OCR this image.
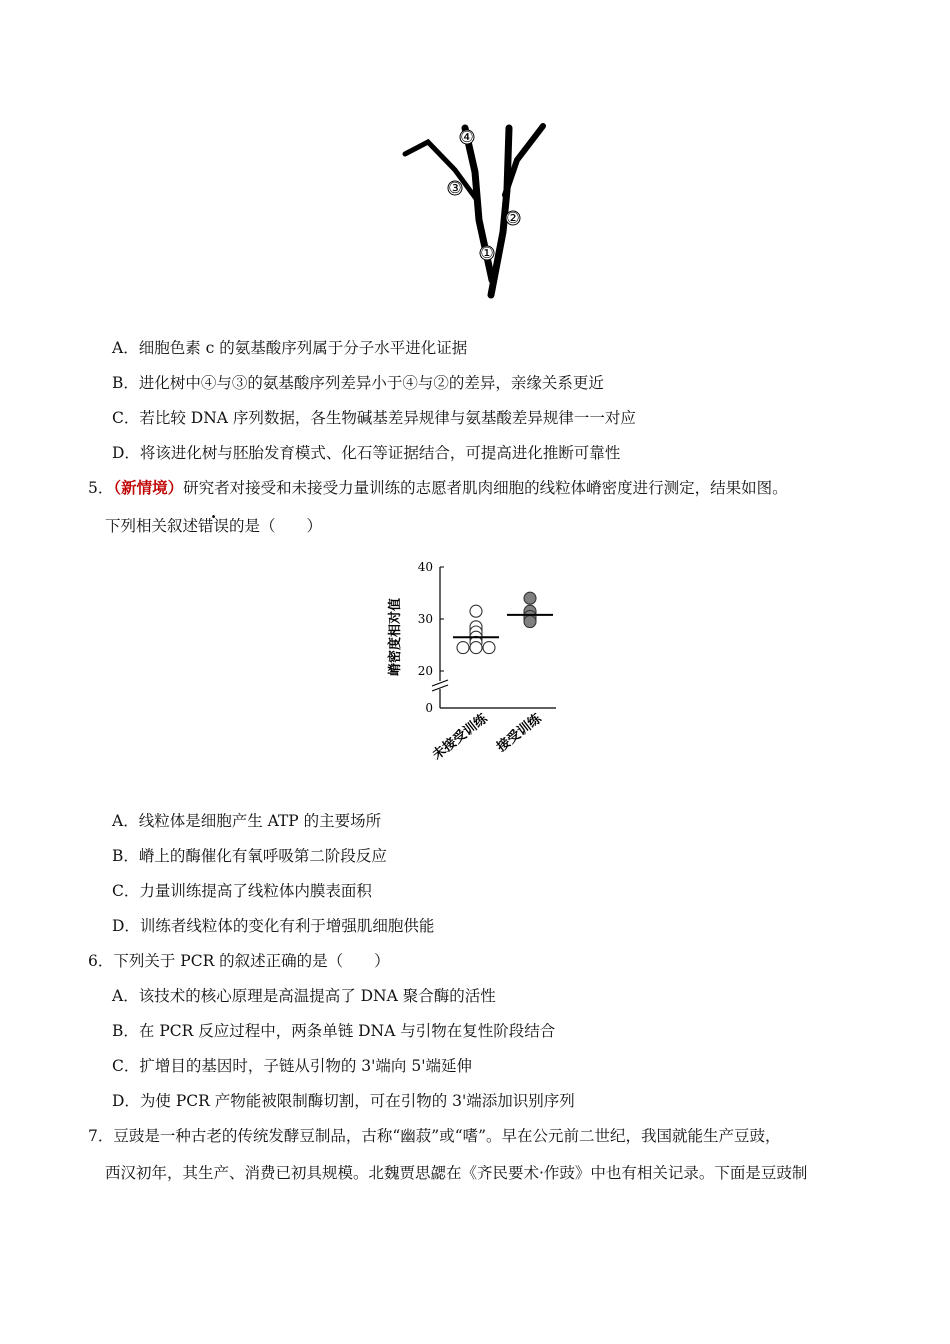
④
③
②
①
A．细胞色素 c 的氨基酸序列属于分子水平进化证据
B．进化树中④与③的氨基酸序列差异小于④与②的差异，亲缘关系更近
C．若比较 DNA 序列数据，各生物碱基差异规律与氨基酸差异规律一一对应
D．将该进化树与胚胎发育模式、化石等证据结合，可提高进化推断可靠性
5．（新情境）研究者对接受和未接受力量训练的志愿者肌肉细胞的线粒体嵴密度进行测定，结果如图。
下列相关叙述错误的是（　　）
嵴密度相对值
0
20
30
40
未接受训练 接受训练
A．线粒体是细胞产生 ATP 的主要场所
B．嵴上的酶催化有氧呼吸第二阶段反应
C．力量训练提高了线粒体内膜表面积
D．训练者线粒体的变化有利于增强肌细胞供能
6．下列关于 PCR 的叙述正确的是（　　）
A．该技术的核心原理是高温提高了 DNA 聚合酶的活性
B．在 PCR 反应过程中，两条单链 DNA 与引物在复性阶段结合
C．扩增目的基因时，子链从引物的 3'端向 5'端延伸
D．为使 PCR 产物能被限制酶切割，可在引物的 3'端添加识别序列
7．豆豉是一种古老的传统发酵豆制品，古称“幽菽”或“嗜”。早在公元前二世纪，我国就能生产豆豉，
西汉初年，其生产、消费已初具规模。北魏贾思勰在《齐民要术·作豉》中也有相关记录。下面是豆豉制
